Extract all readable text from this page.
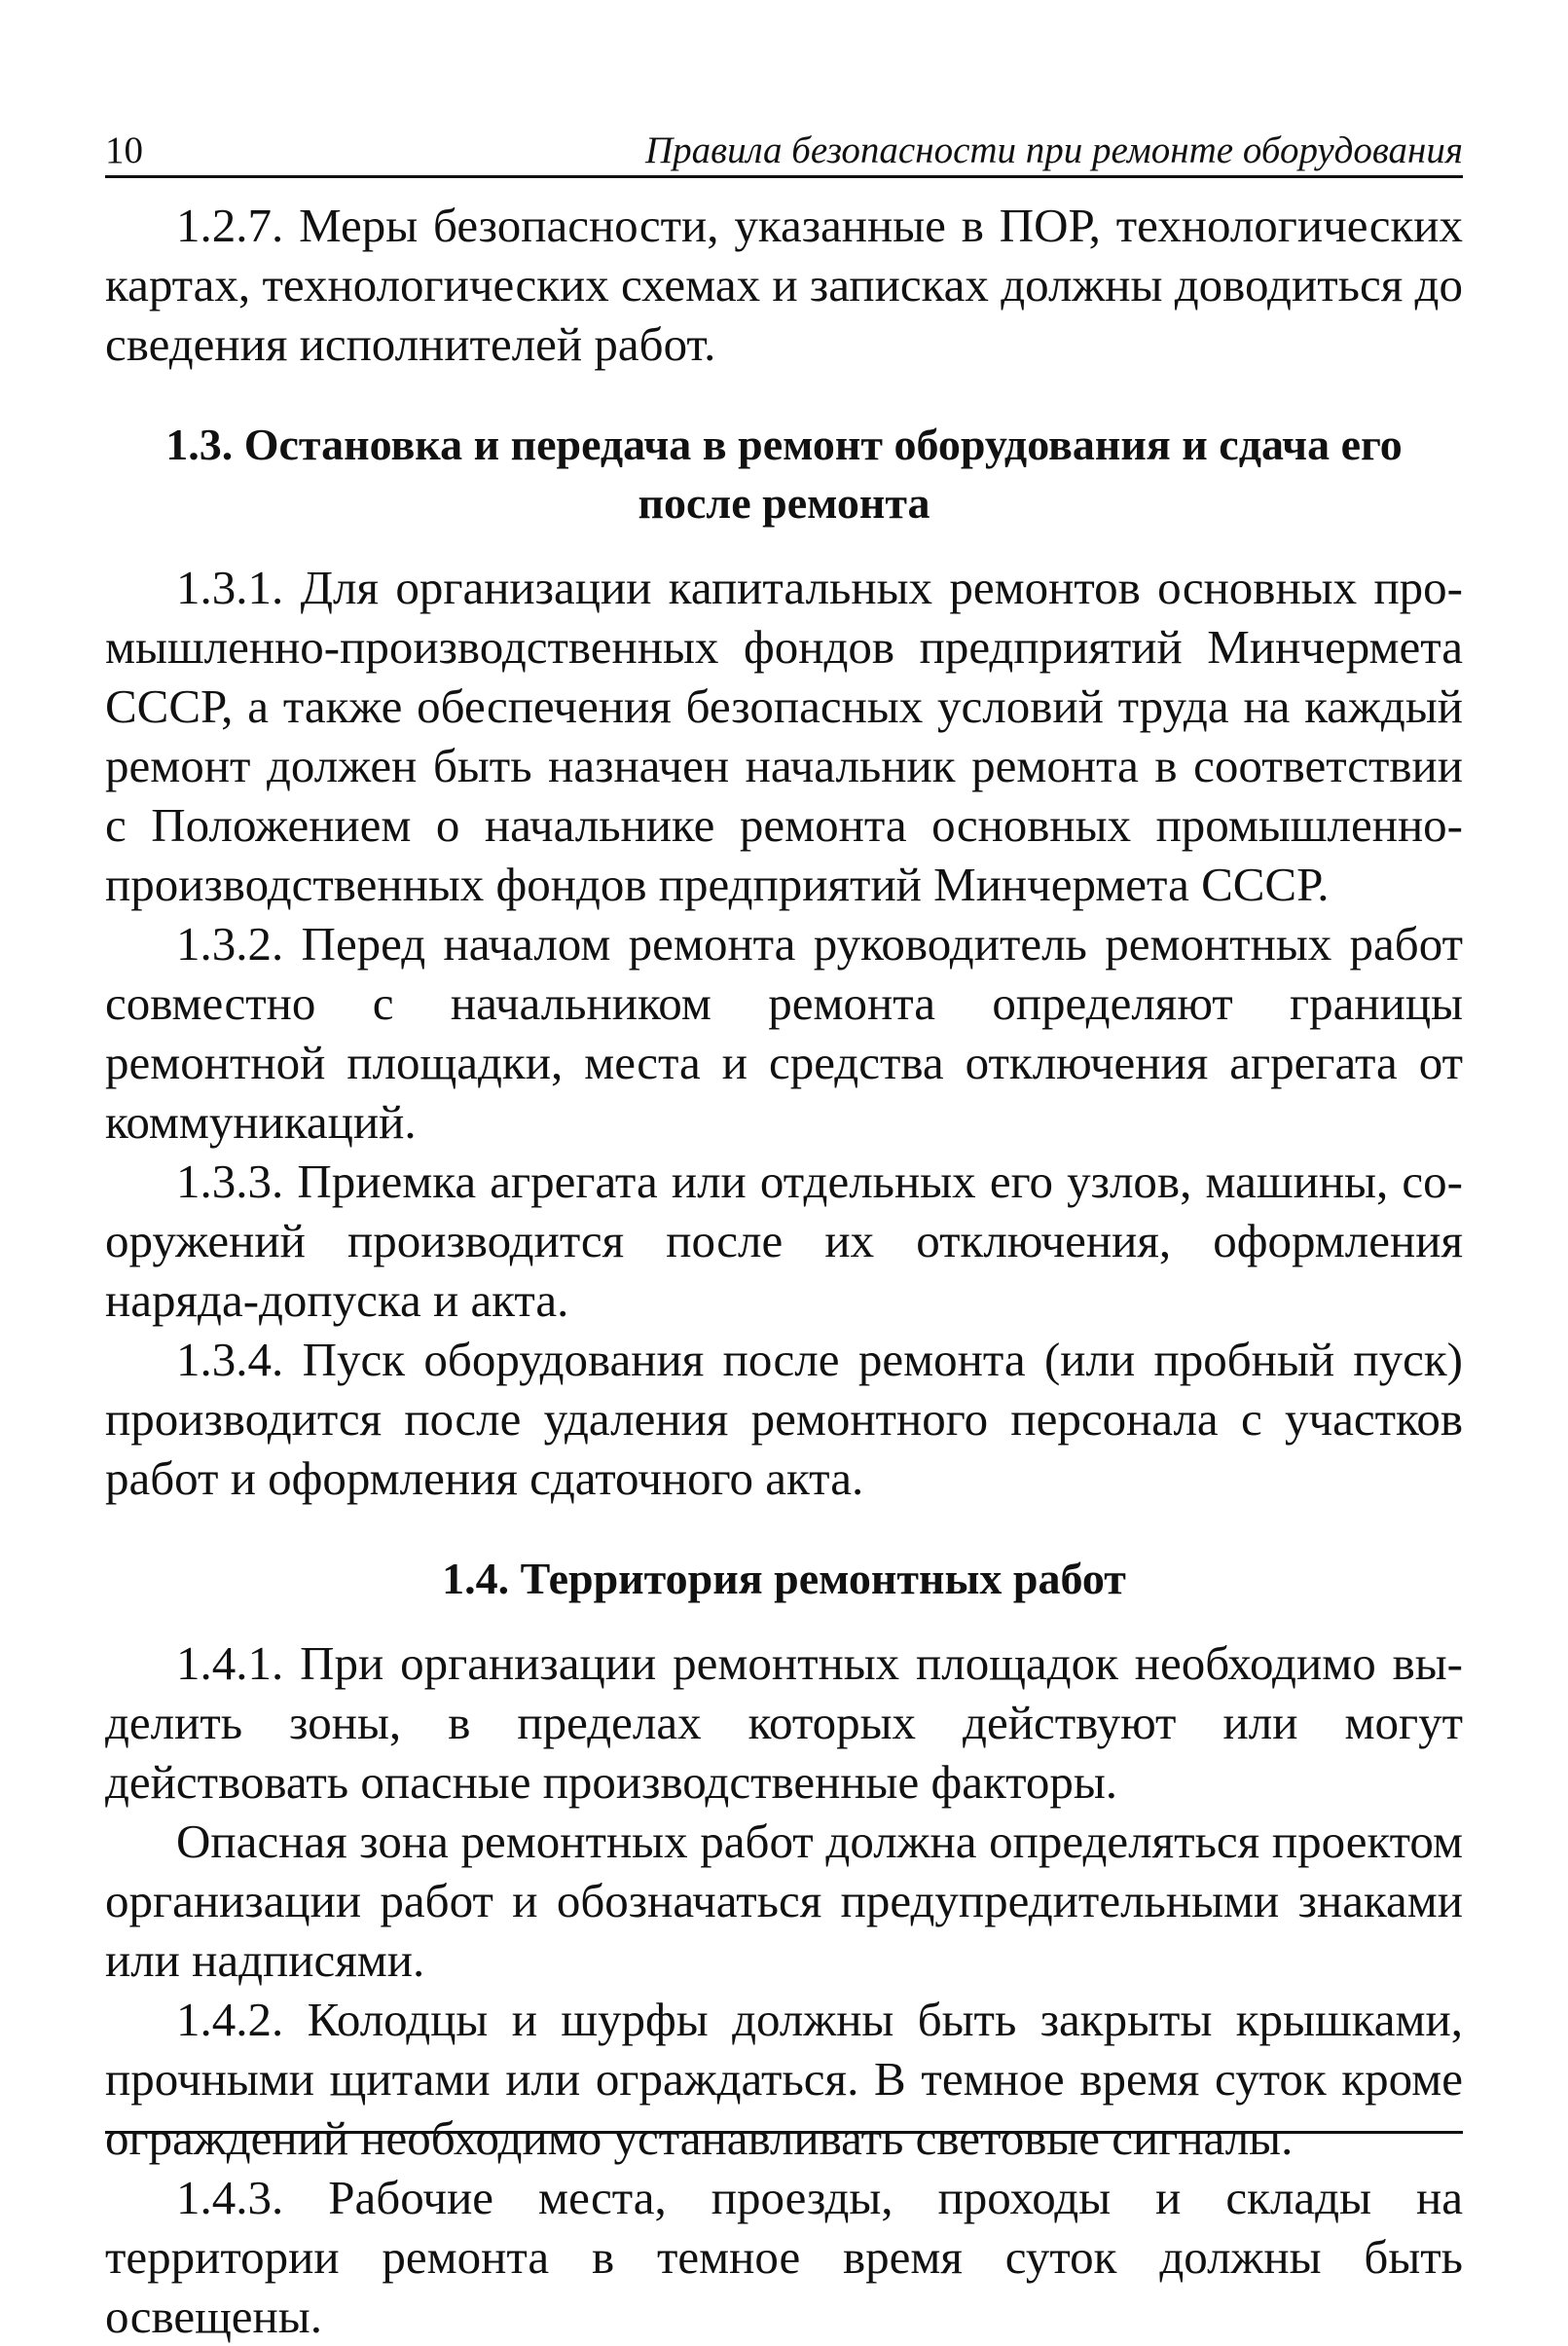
10	Правила безопасности при ремонте оборудования

1.2.7. Меры безопасности, указанные в ПОР, технологических картах, технологических схемах и записках должны доводиться до сведения исполнителей работ.

1.3. Остановка и передача в ремонт оборудования и сдача его после ремонта

1.3.1. Для организации капитальных ремонтов основных промышленно-производственных фондов предприятий Минчермета СССР, а также обеспечения безопасных условий труда на каждый ремонт должен быть назначен начальник ремонта в соответствии с Положением о начальнике ремонта основных промышленно-производственных фондов предприятий Минчермета СССР.

1.3.2. Перед началом ремонта руководитель ремонтных работ совместно с начальником ремонта определяют границы ремонтной площадки, места и средства отключения агрегата от коммуникаций.

1.3.3. Приемка агрегата или отдельных его узлов, машины, сооружений производится после их отключения, оформления наряда-допуска и акта.

1.3.4. Пуск оборудования после ремонта (или пробный пуск) производится после удаления ремонтного персонала с участков работ и оформления сдаточного акта.

1.4. Территория ремонтных работ

1.4.1. При организации ремонтных площадок необходимо выделить зоны, в пределах которых действуют или могут действовать опасные производственные факторы.

Опасная зона ремонтных работ должна определяться проектом организации работ и обозначаться предупредительными знаками или надписями.

1.4.2. Колодцы и шурфы должны быть закрыты крышками, прочными щитами или ограждаться. В темное время суток кроме ограждений необходимо устанавливать световые сигналы.

1.4.3. Рабочие места, проезды, проходы и склады на территории ремонта в темное время суток должны быть освещены.
